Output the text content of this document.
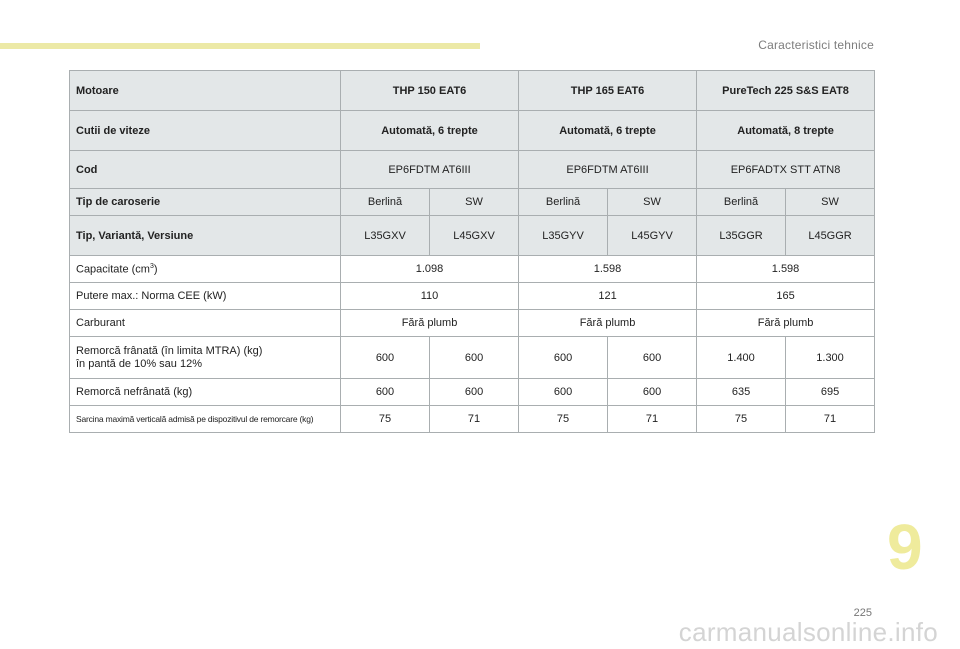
Caracteristici tehnice
Motoare	THP 150 EAT6		THP 165 EAT6		PureTech 225 S&S EAT8	
Cutii de viteze	Automată, 6 trepte		Automată, 6 trepte		Automată, 8 trepte	
Cod	EP6FDTM AT6III		EP6FDTM AT6III		EP6FADTX STT ATN8	
Tip de caroserie	Berlină	SW	Berlină	SW	Berlină	SW
Tip, Variantă, Versiune	L35GXV	L45GXV	L35GYV	L45GYV	L35GGR	L45GGR
Capacitate $(cm^3)$	1.098		1.598		1.598	
Putere max.: Norma CEE (kW)	110		121		165	
Carburant	Fără plumb		Fără plumb		Fără plumb	

Remorcă frânată (în limita MTRA) (kg)
în pantă de 10% sau 12%	600	600	600	600	1.400	1.300
Remorcă nefrânată (kg)	600	600	600	600	635	695
Sarcina maximă verticală admisă pe dispozitivul de remorcare (kg)	75	71	75	71	75	71
9
225
carmanualsonline.info
